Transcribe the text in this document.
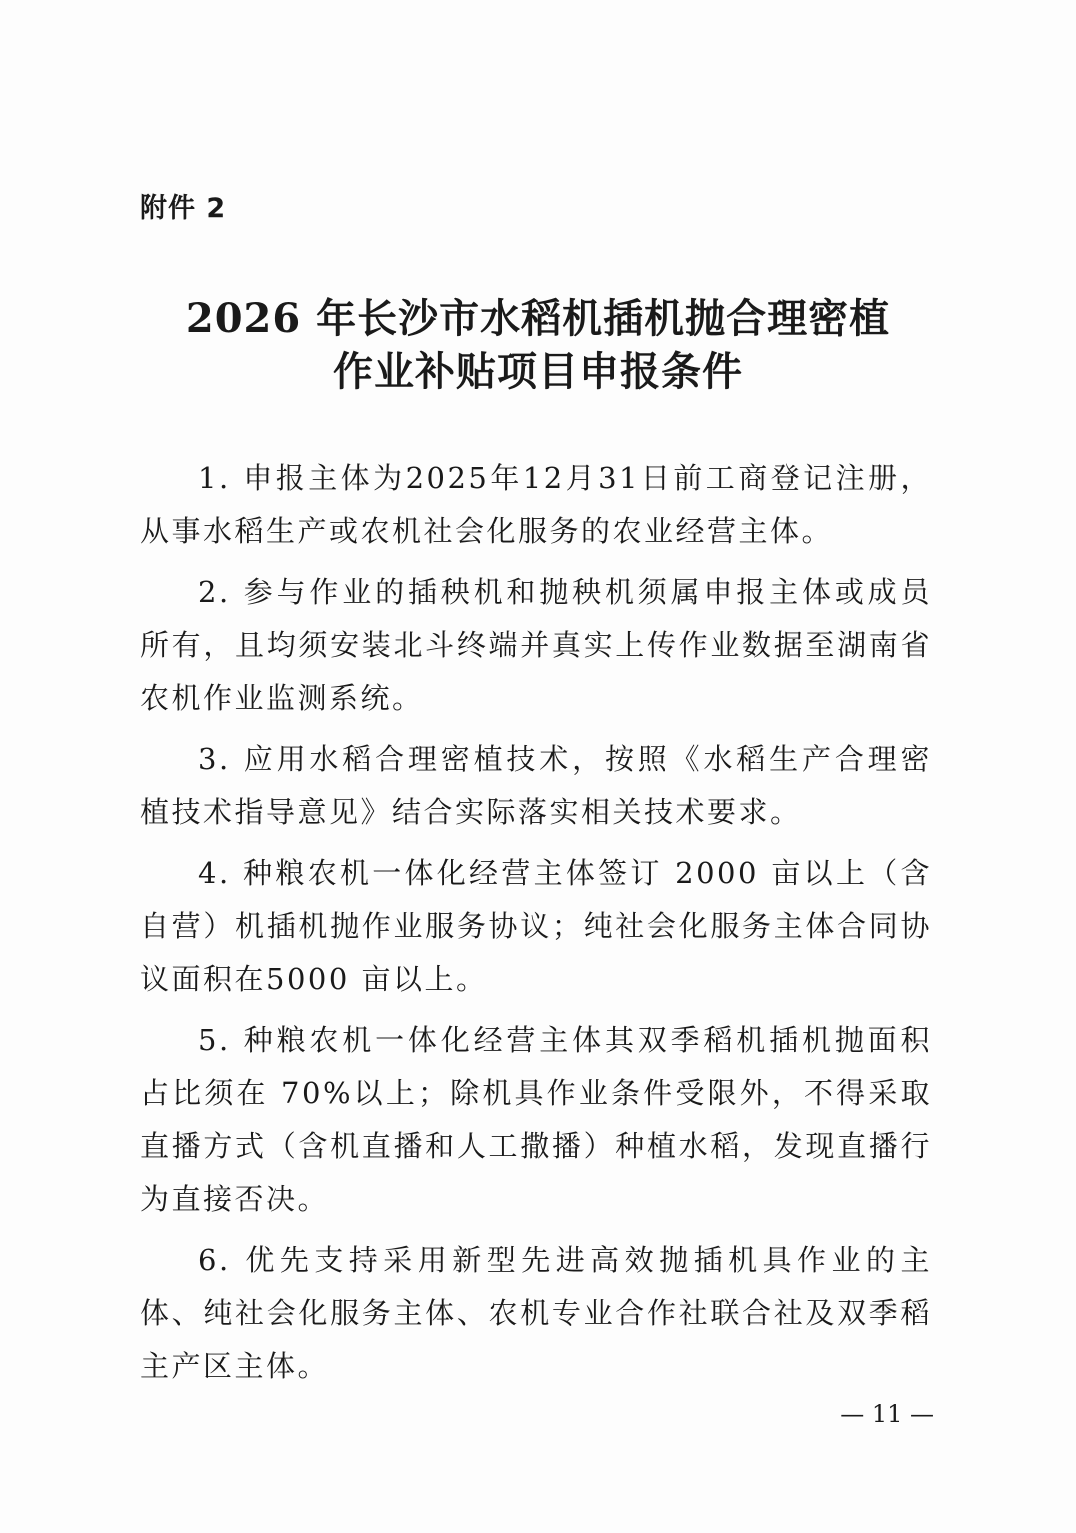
附件 2
2026 年长沙市水稻机插机抛合理密植
作业补贴项目申报条件

1. 申报主体为2025年12月31日前工商登记注册，从事水稻生产或农机社会化服务的农业经营主体。

2. 参与作业的插秧机和抛秧机须属申报主体或成员所有，且均须安装北斗终端并真实上传作业数据至湖南省农机作业监测系统。

3. 应用水稻合理密植技术，按照《水稻生产合理密植技术指导意见》结合实际落实相关技术要求。

4. 种粮农机一体化经营主体签订 2000 亩以上（含自营）机插机抛作业服务协议；纯社会化服务主体合同协议面积在5000 亩以上。

5. 种粮农机一体化经营主体其双季稻机插机抛面积占比须在 70%以上；除机具作业条件受限外，不得采取直播方式（含机直播和人工撒播）种植水稻，发现直播行为直接否决。

6. 优先支持采用新型先进高效抛插机具作业的主体、纯社会化服务主体、农机专业合作社联合社及双季稻主产区主体。

— 11 —
